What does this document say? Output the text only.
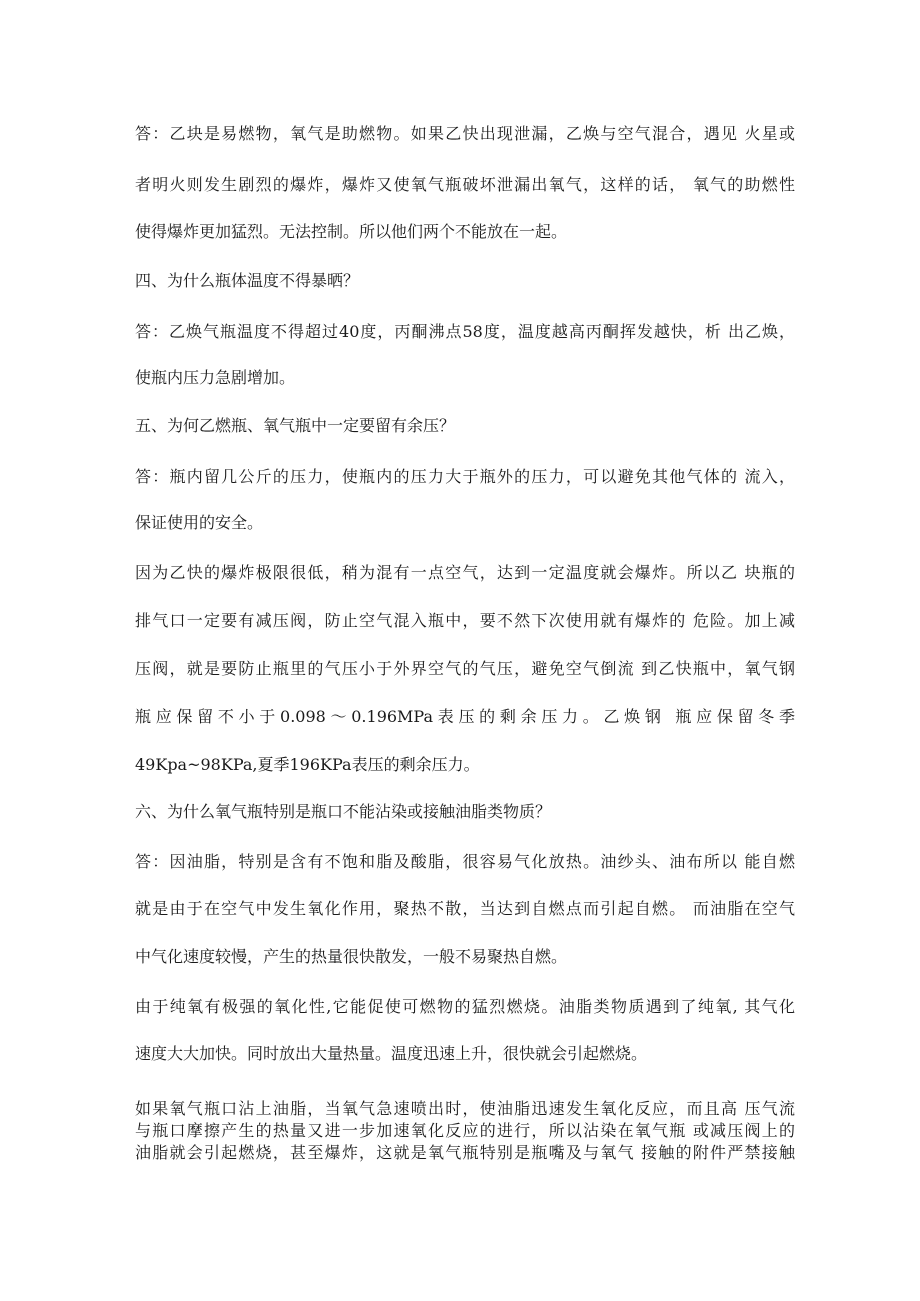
答：乙块是易燃物，氧气是助燃物。如果乙快出现泄漏，乙焕与空气混合，遇见 火星或
者明火则发生剧烈的爆炸，爆炸又使氧气瓶破坏泄漏出氧气，这样的话， 氧气的助燃性
使得爆炸更加猛烈。无法控制。所以他们两个不能放在一起。
四、为什么瓶体温度不得暴晒？
答：乙焕气瓶温度不得超过40度，丙酮沸点58度，温度越高丙酮挥发越快，析 出乙焕，
使瓶内压力急剧增加。
五、为何乙燃瓶、氧气瓶中一定要留有余压？
答：瓶内留几公斤的压力，使瓶内的压力大于瓶外的压力，可以避免其他气体的 流入，
保证使用的安全。
因为乙快的爆炸极限很低，稍为混有一点空气，达到一定温度就会爆炸。所以乙 块瓶的
排气口一定要有减压阀，防止空气混入瓶中，要不然下次使用就有爆炸的 危险。加上减
压阀，就是要防止瓶里的气压小于外界空气的气压，避免空气倒流 到乙快瓶中，氧气钢
瓶应保留不小于0.098～0.196MPa表压的剩余压力。乙焕钢 瓶应保留冬季
49Kpa~98KPa,夏季196KPa表压的剩余压力。
六、为什么氧气瓶特别是瓶口不能沾染或接触油脂类物质？
答：因油脂，特别是含有不饱和脂及酸脂，很容易气化放热。油纱头、油布所以 能自燃
就是由于在空气中发生氧化作用，聚热不散，当达到自燃点而引起自燃。 而油脂在空气
中气化速度较慢，产生的热量很快散发，一般不易聚热自燃。
由于纯氧有极强的氧化性,它能促使可燃物的猛烈燃烧。油脂类物质遇到了纯氧, 其气化
速度大大加快。同时放出大量热量。温度迅速上升，很快就会引起燃烧。
如果氧气瓶口沾上油脂，当氧气急速喷出时，使油脂迅速发生氧化反应，而且高 压气流
与瓶口摩擦产生的热量又进一步加速氧化反应的进行，所以沾染在氧气瓶 或减压阀上的
油脂就会引起燃烧，甚至爆炸，这就是氧气瓶特别是瓶嘴及与氧气 接触的附件严禁接触
